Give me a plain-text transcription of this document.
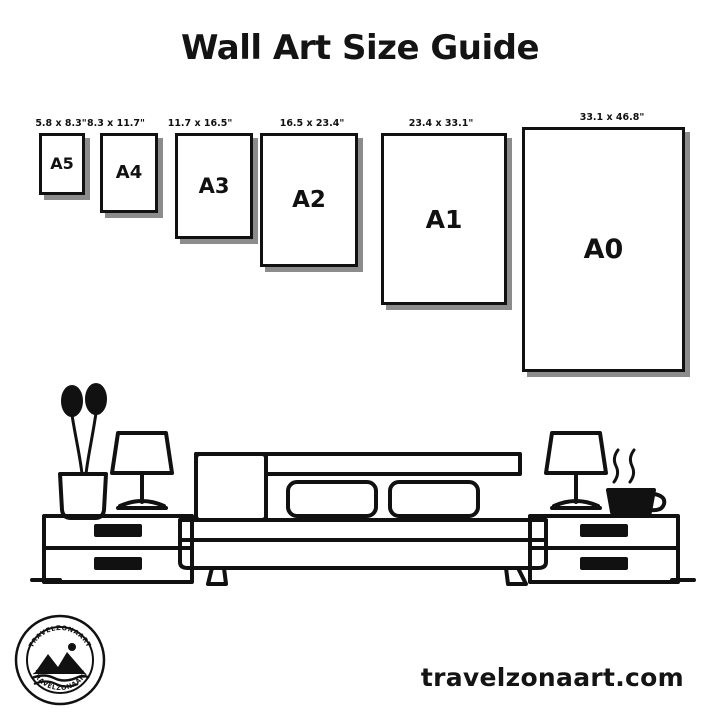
Wall Art Size Guide
5.8 x 8.3"
A5
8.3 x 11.7"
A4
11.7 x 16.5"
A3
16.5 x 23.4"
A2
23.4 x 33.1"
A1
33.1 x 46.8"
A0
TRAVELZONAART
TRAVELZONAART	travelzonaart.com
